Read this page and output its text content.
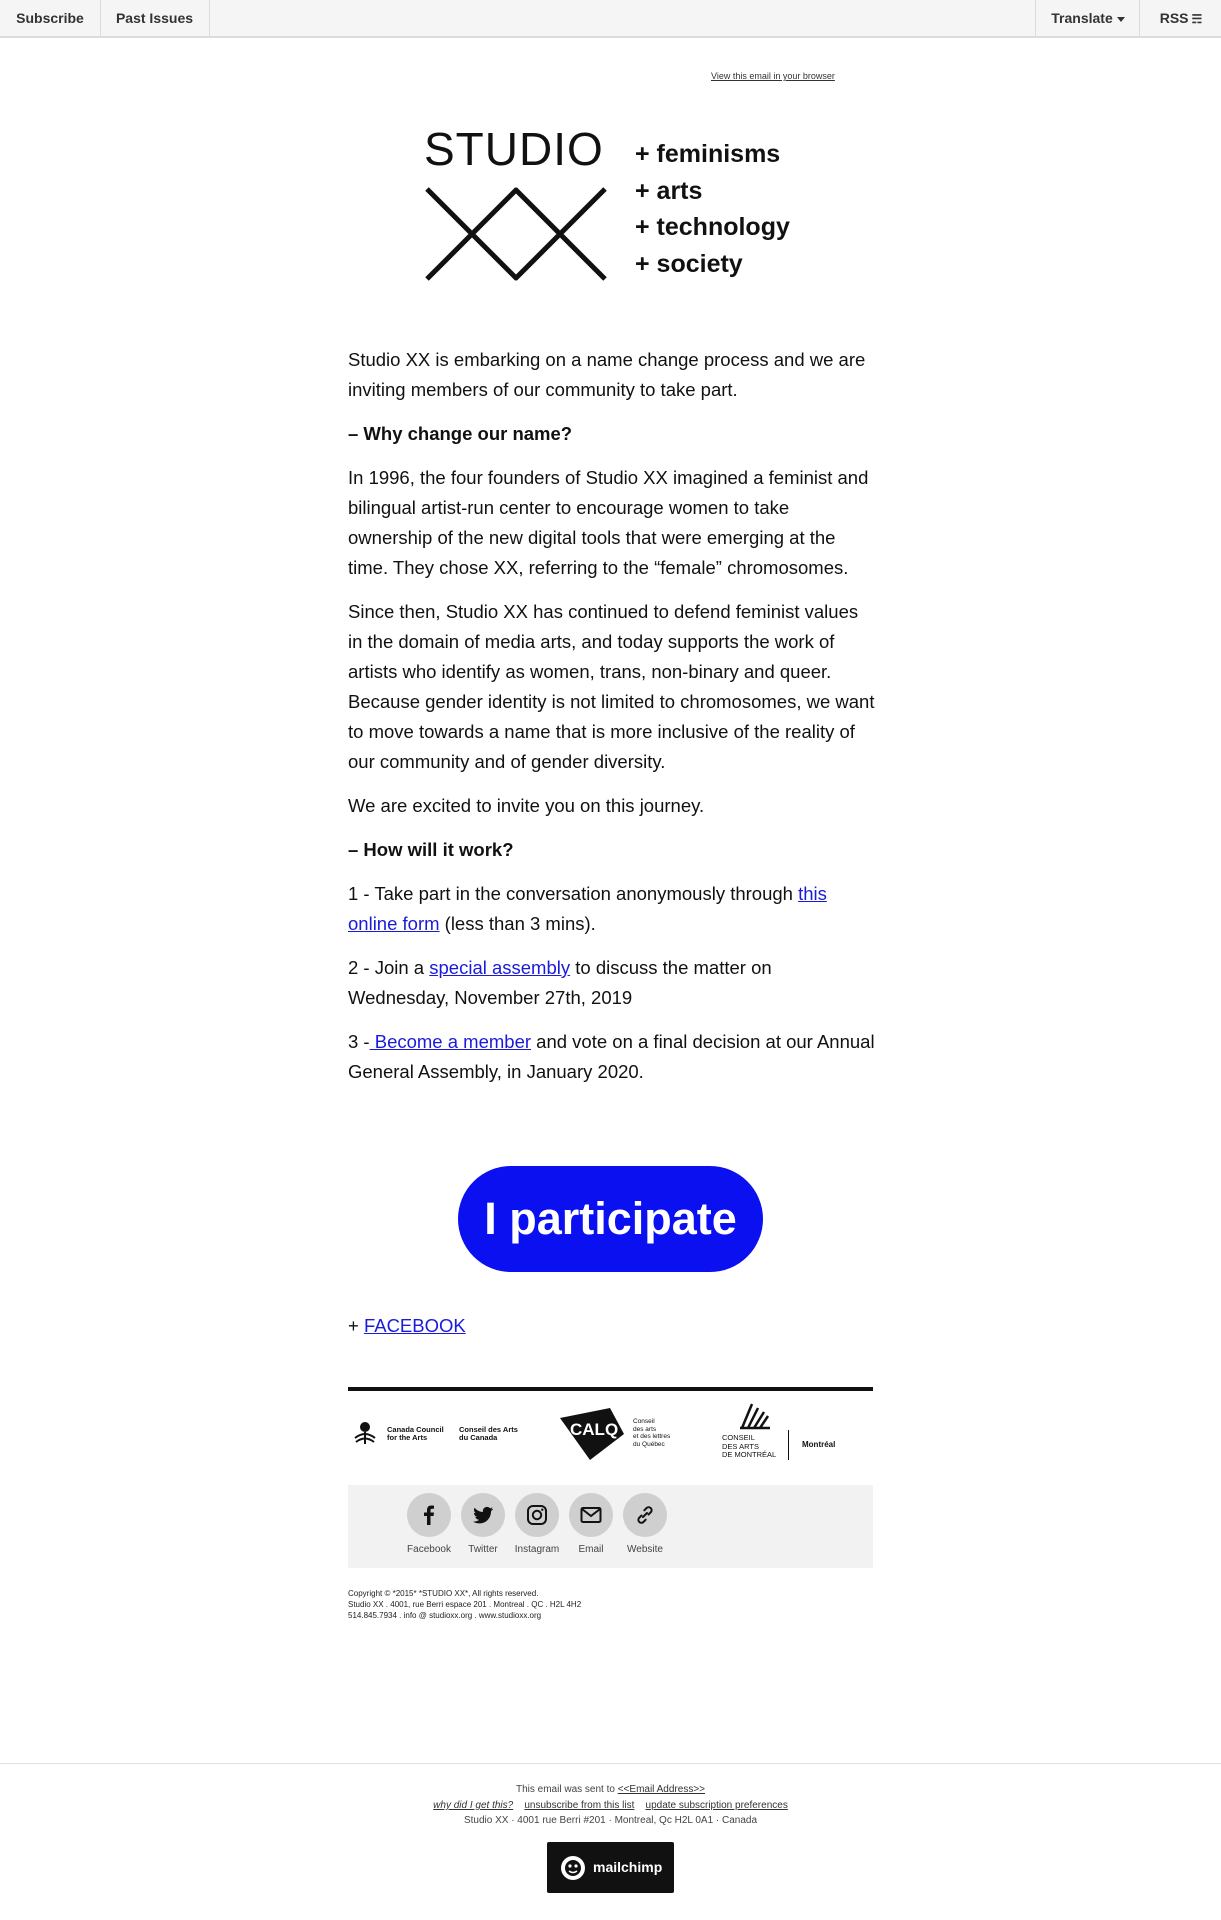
Subscribe	Past Issues	Translate	RSS ☴
View this email in your browser
STUDIO + feminisms
+ arts
+ technology
+ society

Studio XX is embarking on a name change process and we are inviting members of our community to take part.

– Why change our name?

In 1996, the four founders of Studio XX imagined a feminist and bilingual artist-run center to encourage women to take ownership of the new digital tools that were emerging at the time. They chose XX, referring to the “female” chromosomes.

Since then, Studio XX has continued to defend feminist values in the domain of media arts, and today supports the work of artists who identify as women, trans, non-binary and queer. Because gender identity is not limited to chromosomes, we want to move towards a name that is more inclusive of the reality of our community and of gender diversity.

We are excited to invite you on this journey.

– How will it work?

1 - Take part in the conversation anonymously through this online form (less than 3 mins).

2 - Join a special assembly to discuss the matter on Wednesday, November 27th, 2019

3 - Become a member and vote on a final decision at our Annual General Assembly, in January 2020.

I participate
+ FACEBOOK
Canada Council
for the Arts
Conseil des Arts
du Canada	CALQ Conseil
des arts
et des lettres
du Québec
CONSEIL
DES ARTS
DE MONTRÉAL
Montréal
Facebook	Twitter	Instagram	Email	Website
Copyright © *2015* *STUDIO XX*, All rights reserved.
Studio XX . 4001, rue Berri espace 201 . Montreal . QC . H2L 4H2
514.845.7934 . info @ studioxx.org . www.studioxx.org
This email was sent to <<Email Address>>
why did I get this? unsubscribe from this list update subscription preferences
Studio XX · 4001 rue Berri #201 · Montreal, Qc H2L 0A1 · Canada
mailchimp
